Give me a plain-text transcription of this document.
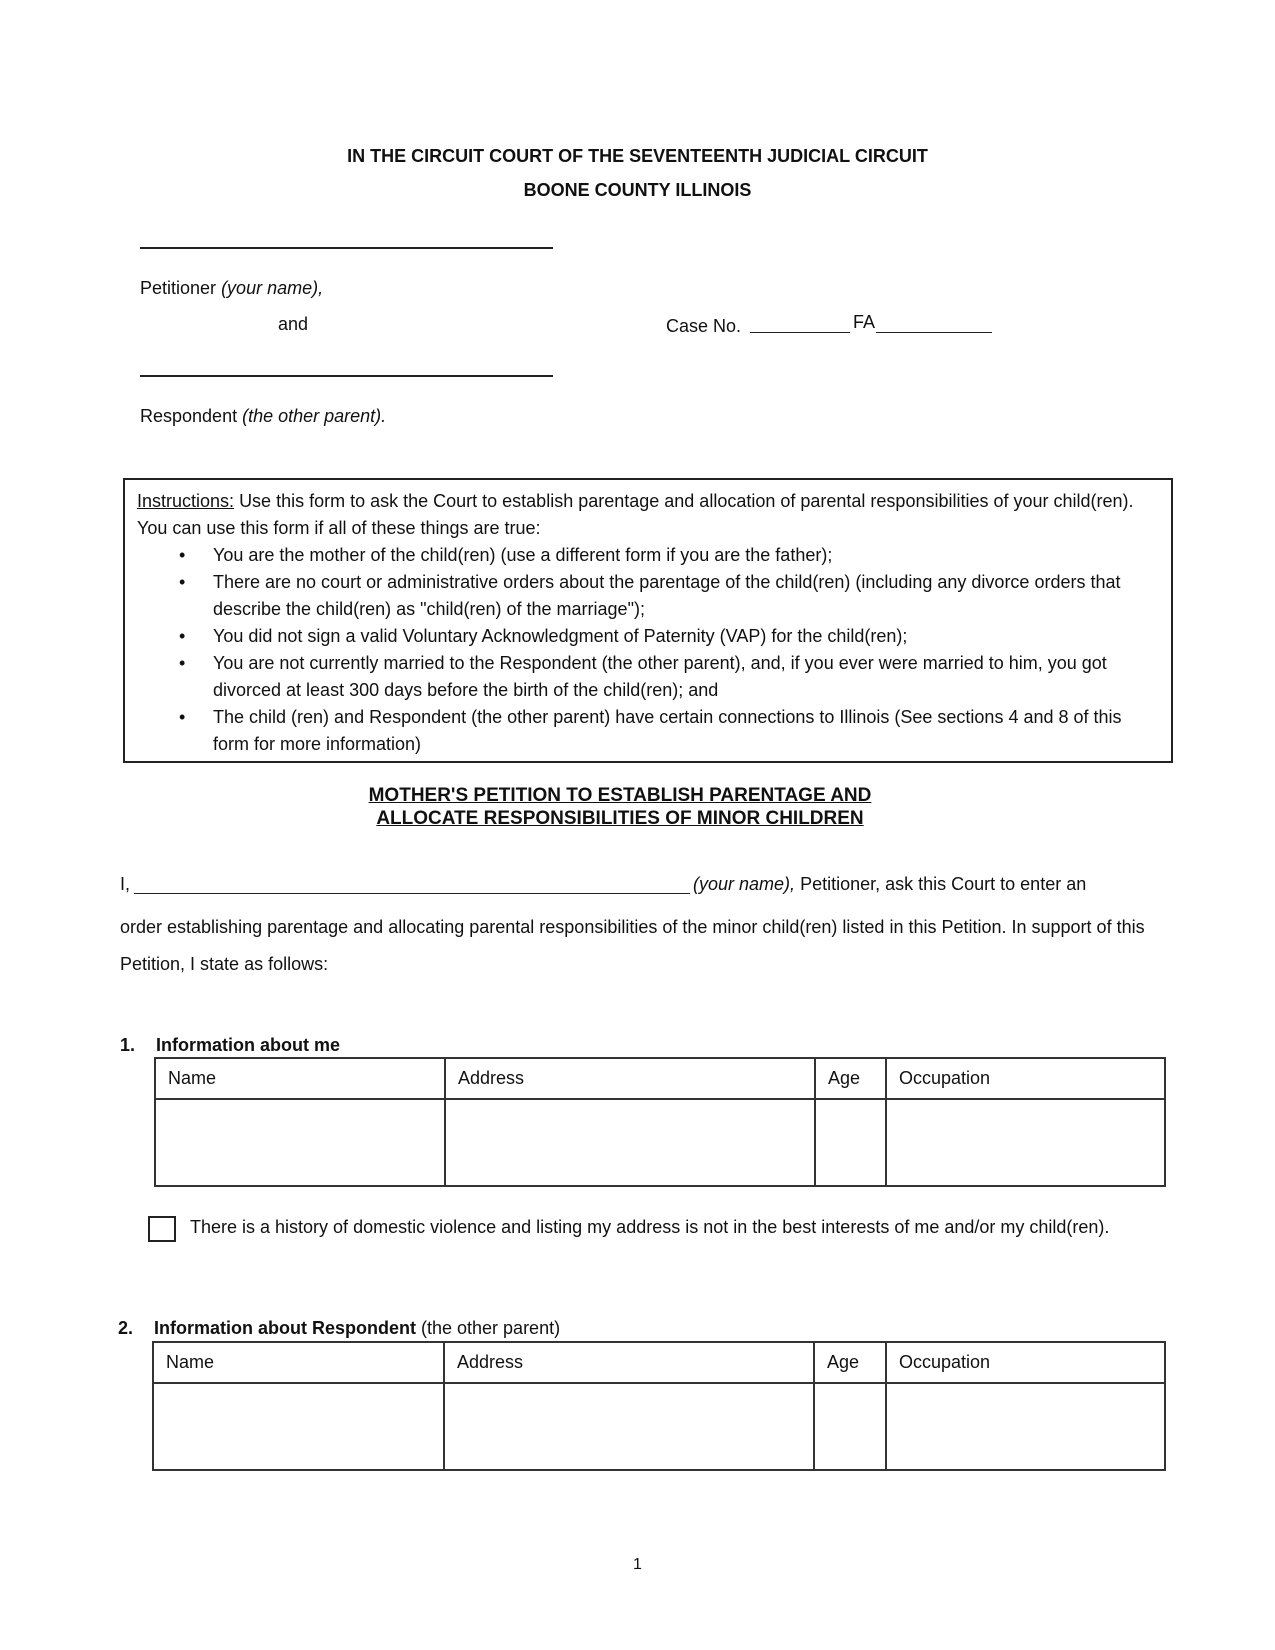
IN THE CIRCUIT COURT OF THE SEVENTEENTH JUDICIAL CIRCUIT
BOONE COUNTY ILLINOIS
Petitioner (your name),
and	Case No.	FA
Respondent (the other parent).
Instructions: Use this form to ask the Court to establish parentage and allocation of parental responsibilities of your child(ren). You can use this form if all of these things are true:
• You are the mother of the child(ren) (use a different form if you are the father);
• There are no court or administrative orders about the parentage of the child(ren) (including any divorce orders that describe the child(ren) as "child(ren) of the marriage");
• You did not sign a valid Voluntary Acknowledgment of Paternity (VAP) for the child(ren);
• You are not currently married to the Respondent (the other parent), and, if you ever were married to him, you got divorced at least 300 days before the birth of the child(ren); and
• The child (ren) and Respondent (the other parent) have certain connections to Illinois (See sections 4 and 8 of this form for more information)
MOTHER'S PETITION TO ESTABLISH PARENTAGE AND
ALLOCATE RESPONSIBILITIES OF MINOR CHILDREN
I,	(your name), Petitioner, ask this Court to enter an
order establishing parentage and allocating parental responsibilities of the minor child(ren) listed in this Petition. In support of this Petition, I state as follows:
1. Information about me
Name	Address	Age	Occupation

There is a history of domestic violence and listing my address is not in the best interests of me and/or my child(ren).
2. Information about Respondent (the other parent)
Name	Address	Age	Occupation

1
